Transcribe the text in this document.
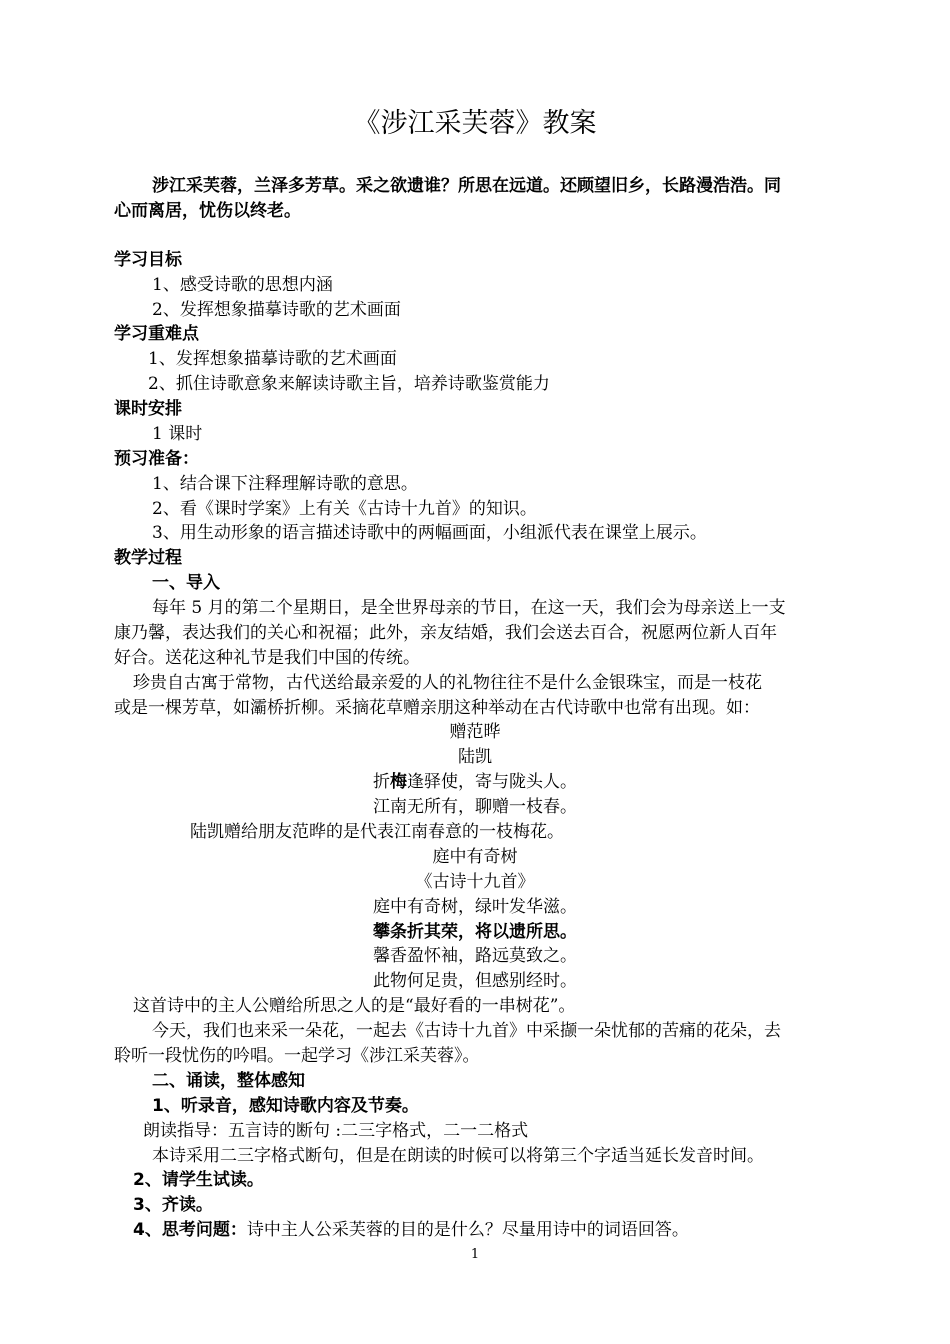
《涉江采芙蓉》教案
涉江采芙蓉，兰泽多芳草。采之欲遗谁？所思在远道。还顾望旧乡，长路漫浩浩。同
心而离居，忧伤以终老。
学习目标
1、感受诗歌的思想内涵
2、发挥想象描摹诗歌的艺术画面
学习重难点
1、发挥想象描摹诗歌的艺术画面
2、抓住诗歌意象来解读诗歌主旨，培养诗歌鉴赏能力
课时安排
1 课时
预习准备：
1、结合课下注释理解诗歌的意思。
2、看《课时学案》上有关《古诗十九首》的知识。
3、用生动形象的语言描述诗歌中的两幅画面，小组派代表在课堂上展示。
教学过程
一、导入
每年 5 月的第二个星期日，是全世界母亲的节日，在这一天，我们会为母亲送上一支
康乃馨，表达我们的关心和祝福；此外，亲友结婚，我们会送去百合，祝愿两位新人百年
好合。送花这种礼节是我们中国的传统。
珍贵自古寓于常物，古代送给最亲爱的人的礼物往往不是什么金银珠宝，而是一枝花
或是一棵芳草，如灞桥折柳。采摘花草赠亲朋这种举动在古代诗歌中也常有出现。如：
赠范晔
陆凯
折梅逢驿使，寄与陇头人。
江南无所有，聊赠一枝春。
陆凯赠给朋友范晔的是代表江南春意的一枝梅花。
庭中有奇树
《古诗十九首》
庭中有奇树，绿叶发华滋。
攀条折其荣，将以遗所思。
馨香盈怀袖，路远莫致之。
此物何足贵，但感别经时。
这首诗中的主人公赠给所思之人的是“最好看的一串树花”。
今天，我们也来采一朵花，一起去《古诗十九首》中采撷一朵忧郁的苦痛的花朵，去
聆听一段忧伤的吟唱。一起学习《涉江采芙蓉》。
二、诵读，整体感知
1、听录音，感知诗歌内容及节奏。
朗读指导：五言诗的断句 :二三字格式，二一二格式
本诗采用二三字格式断句，但是在朗读的时候可以将第三个字适当延长发音时间。
2、请学生试读。
3、齐读。
4、思考问题：诗中主人公采芙蓉的目的是什么？尽量用诗中的词语回答。
1
